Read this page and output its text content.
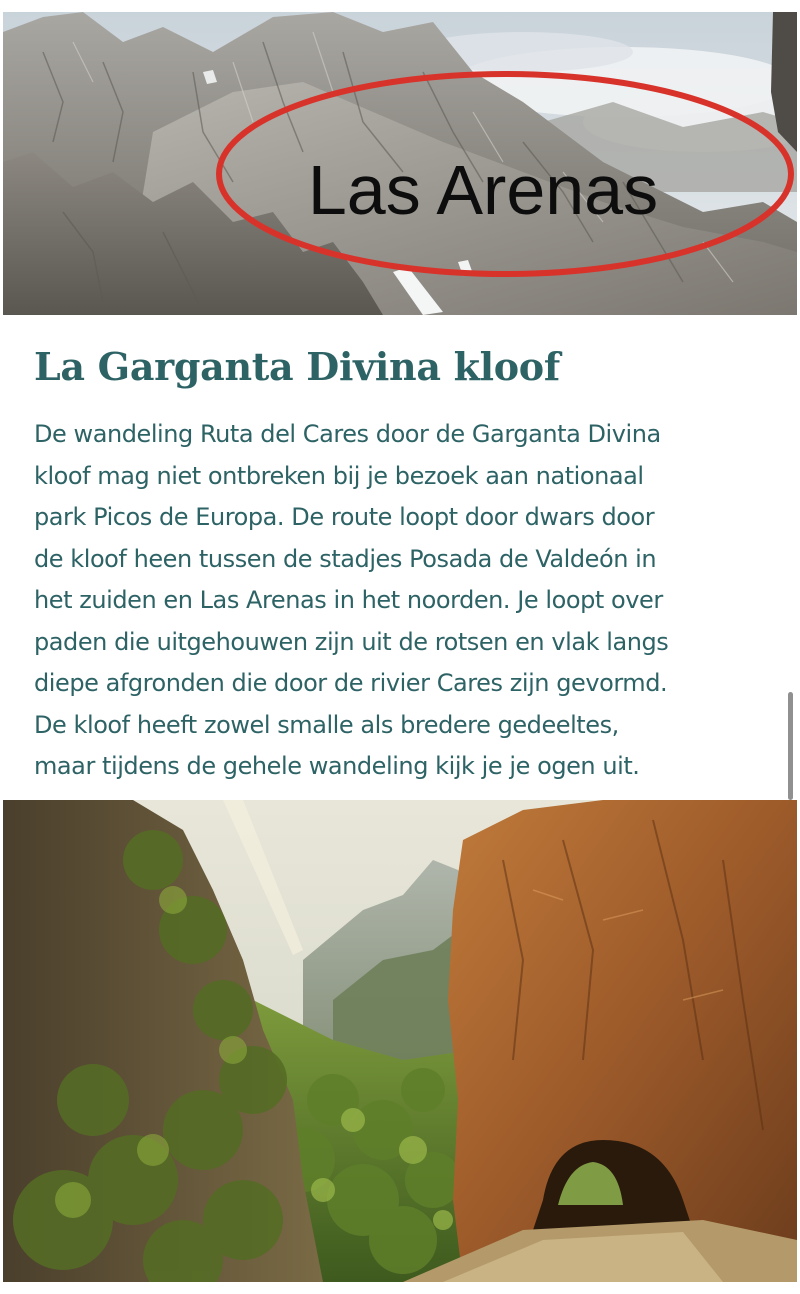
Las Arenas
La Garganta Divina kloof

De wandeling Ruta del Cares door de Garganta Divina
kloof mag niet ontbreken bij je bezoek aan nationaal
park Picos de Europa. De route loopt door dwars door
de kloof heen tussen de stadjes Posada de Valdeón in
het zuiden en Las Arenas in het noorden. Je loopt over
paden die uitgehouwen zijn uit de rotsen en vlak langs
diepe afgronden die door de rivier Cares zijn gevormd.
De kloof heeft zowel smalle als bredere gedeeltes,
maar tijdens de gehele wandeling kijk je je ogen uit.
